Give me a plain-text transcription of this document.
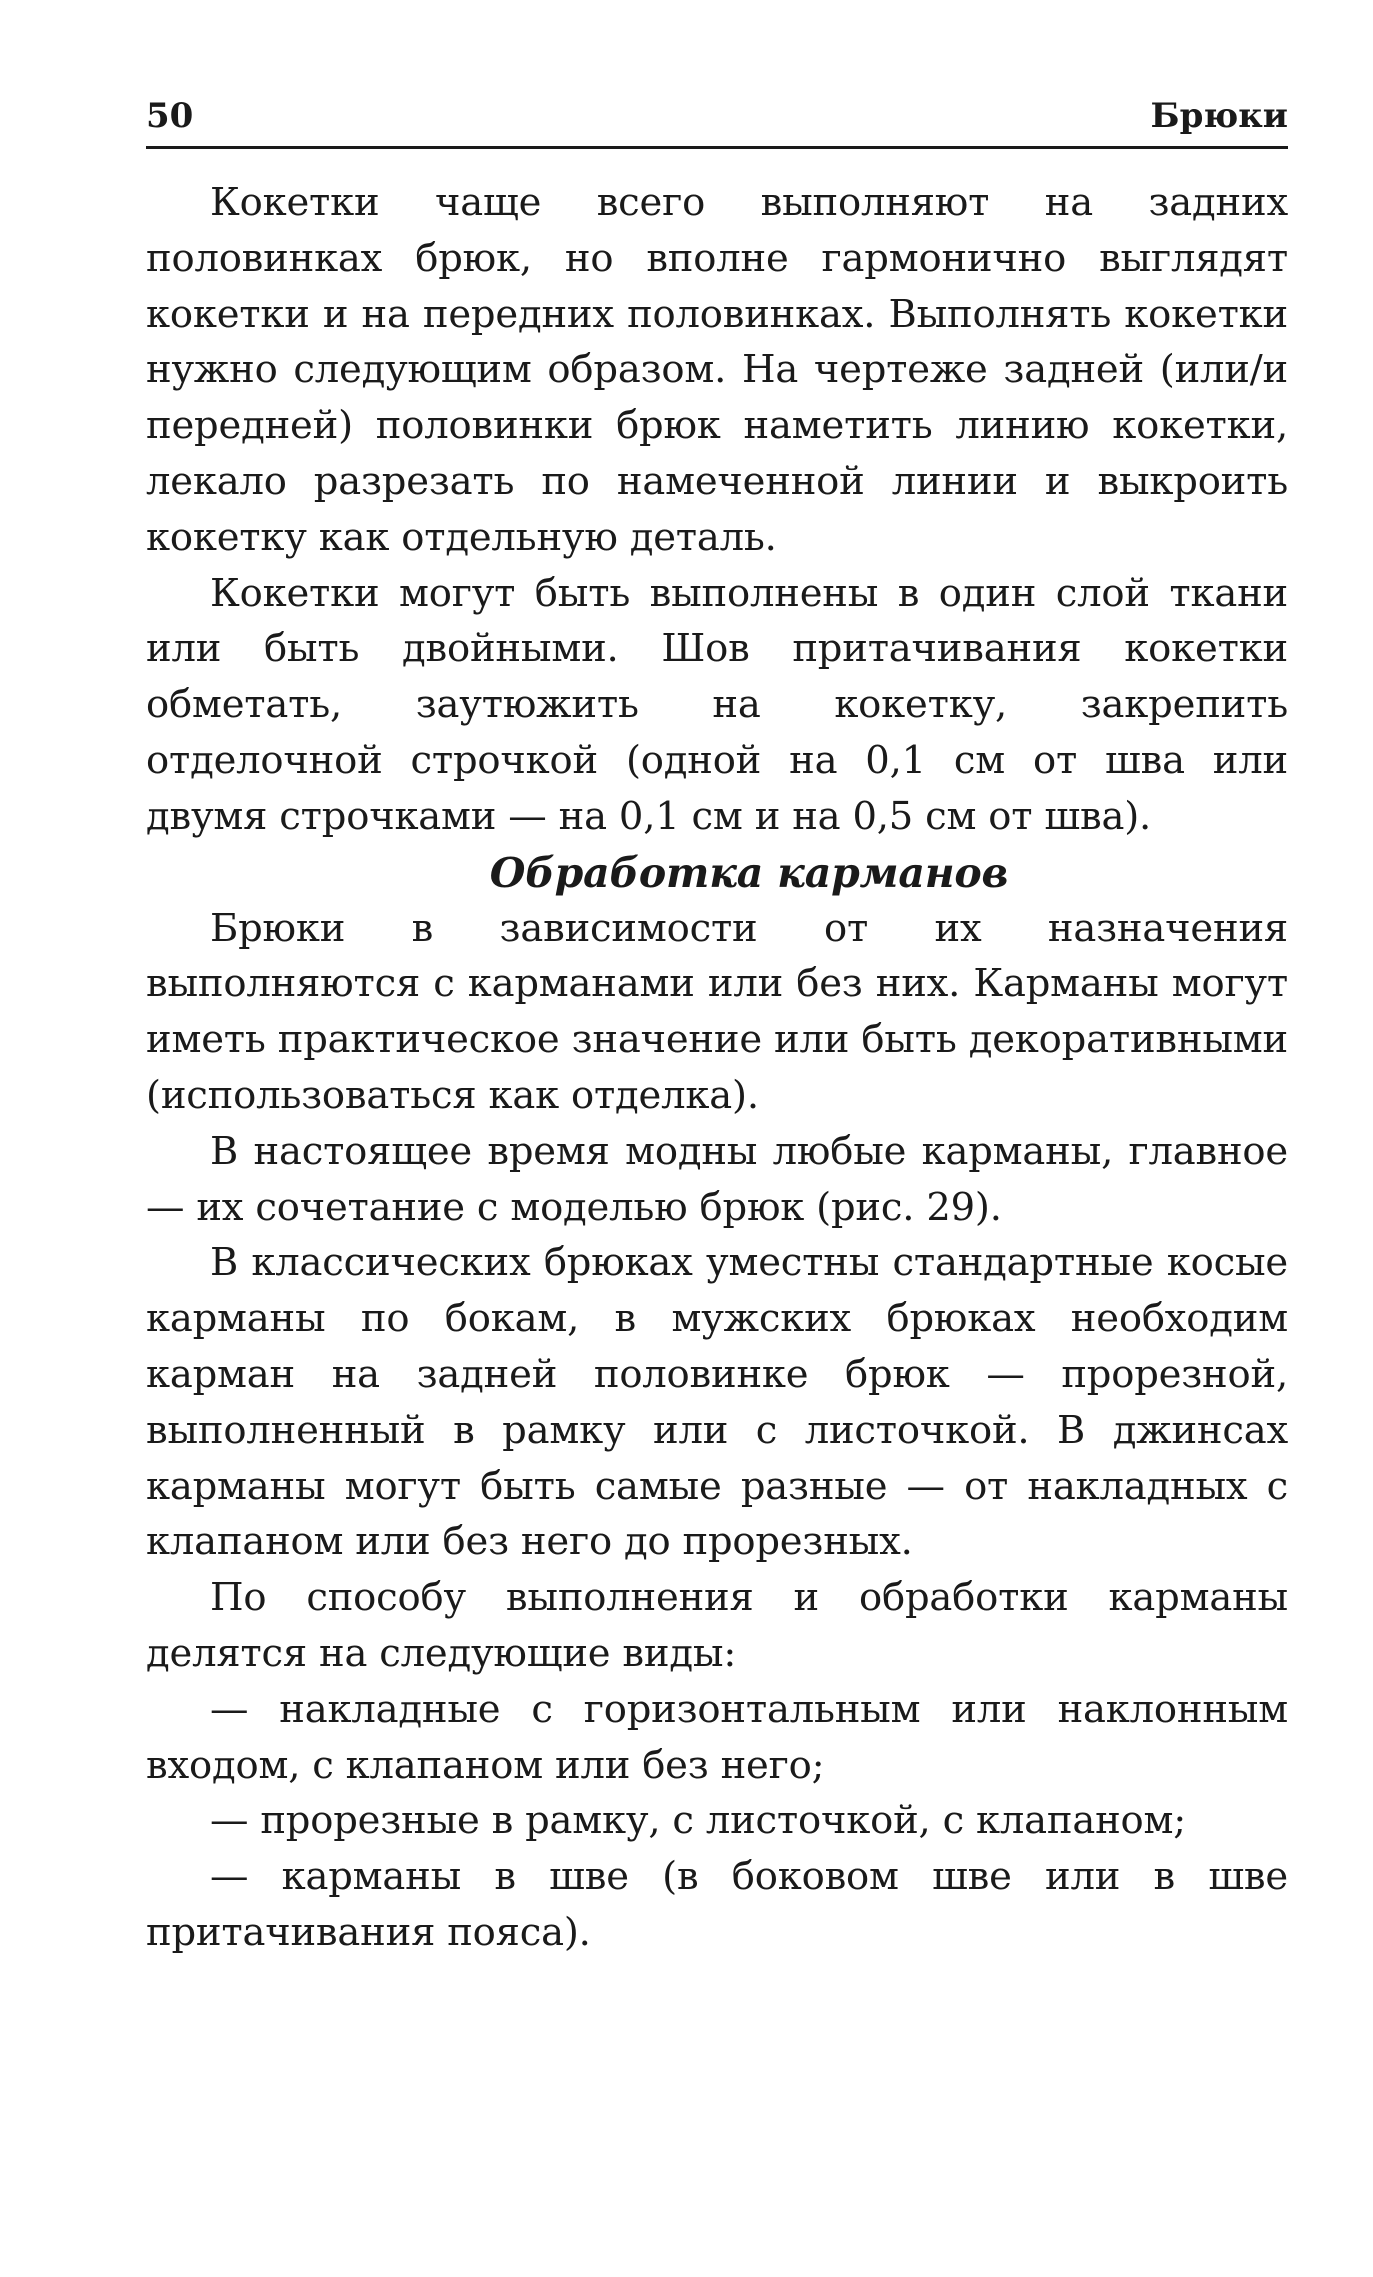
50	Брюки

Кокетки чаще всего выполняют на задних половинках брюк, но вполне гармонично выглядят кокетки и на передних половинках. Выполнять кокетки нужно следующим образом. На чертеже задней (или/и передней) половинки брюк наметить линию кокетки, лекало разрезать по намеченной линии и выкроить кокетку как отдельную деталь.

Кокетки могут быть выполнены в один слой ткани или быть двойными. Шов притачивания кокетки обметать, заутюжить на кокетку, закрепить отделочной строчкой (одной на 0,1 см от шва или двумя строчками — на 0,1 см и на 0,5 см от шва).

Обработка карманов

Брюки в зависимости от их назначения выполняются с карманами или без них. Карманы могут иметь практическое значение или быть декоративными (использоваться как отделка).

В настоящее время модны любые карманы, главное — их сочетание с моделью брюк (рис. 29).

В классических брюках уместны стандартные косые карманы по бокам, в мужских брюках необходим карман на задней половинке брюк — прорезной, выполненный в рамку или с листочкой. В джинсах карманы могут быть самые разные — от накладных с клапаном или без него до прорезных.

По способу выполнения и обработки карманы делятся на следующие виды:

— накладные с горизонтальным или наклонным входом, с клапаном или без него;

— прорезные в рамку, с листочкой, с клапаном;

— карманы в шве (в боковом шве или в шве притачивания пояса).
